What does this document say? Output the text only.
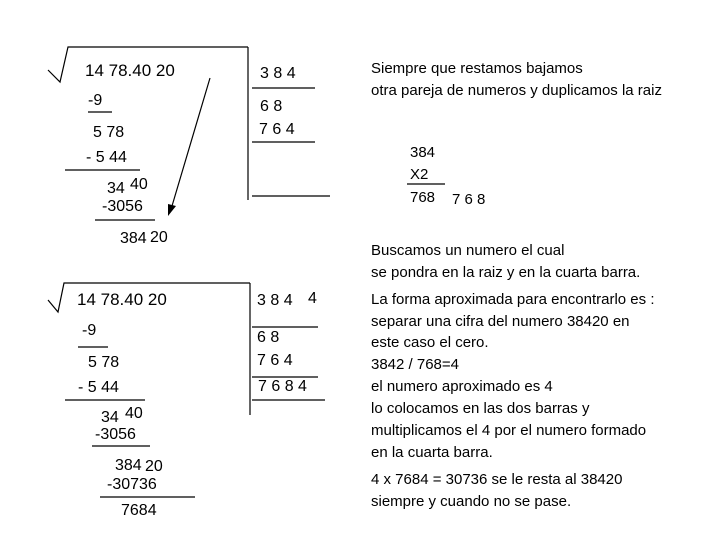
14 78.40 20
-9
5 78
- 5 44
34 40
-3056
384 20
3 8 4
6 8
7 6 4
Siempre que restamos bajamos
otra pareja de numeros y duplicamos la raiz
384
X2
768 7 6 8
Buscamos un numero el cual
se pondra en la raiz y en la cuarta barra.
La forma aproximada para encontrarlo es :
separar una cifra del numero 38420 en
este caso el cero.
3842 / 768=4
el numero aproximado es 4
lo colocamos en las dos barras y
multiplicamos el 4 por el numero formado
en la cuarta barra.
4 x 7684 = 30736 se le resta al 38420
siempre y cuando no se pase.
14 78.40 20
-9
5 78
- 5 44
34 40
-3056
384 20
-30736
7684
3 8 4 4
6 8
7 6 4
7 6 8 4
